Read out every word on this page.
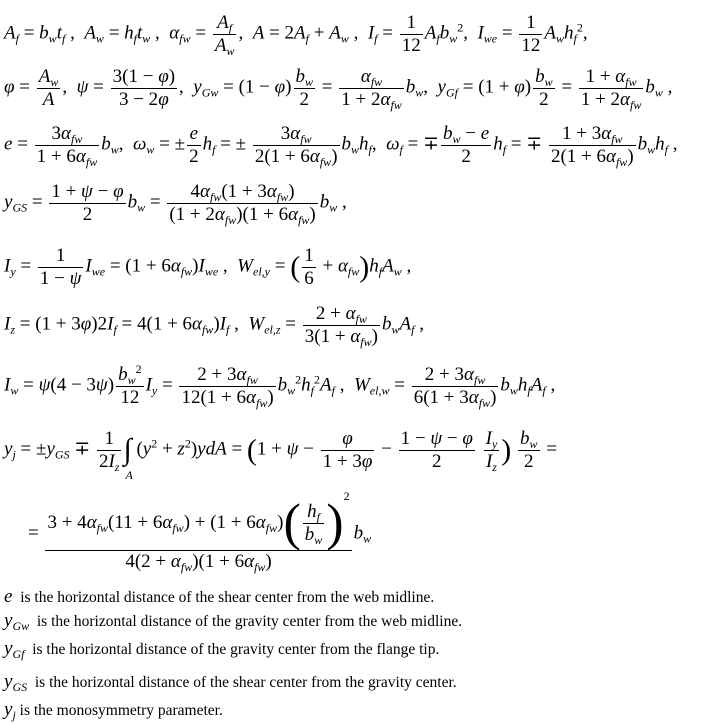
$A_f = b_wt_f$ ,  $A_w = h_ft_w$ ,  $\alpha_{fw} = \frac{A_f}{A_w}$ ,  $A = 2A_f + A_w$ ,  $I_f = \frac{1}{12} A_fb_w^2$,  $I_{we} = \frac{1}{12} A_wh_f^2$,
$\varphi = \frac{A_w}{A}$ ,  $\psi = \frac{3(1 - \varphi)}{3 - 2\varphi}$ ,  $y_{Gw} = (1 - \varphi) \frac{b_w}{2} = \frac{\alpha_{fw}}{1 + 2\alpha_{fw}} b_w$,  $y_{Gf} = (1 + \varphi) \frac{b_w}{2} = \frac{1 + \alpha_{fw}}{1 + 2\alpha_{fw}} b_w$ ,
$e = \frac{3\alpha_{fw}}{1 + 6\alpha_{fw}} b_w$,  $\omega_w$ = ± $\frac{e}{2} h_f$ = ± $\frac{3\alpha_{fw}}{2(1 + 6\alpha_{fw})} b_wh_f$,  $\omega_f$ = ∓ $\frac{b_w - e}{2} h_f$ = ∓ $\frac{1 + 3\alpha_{fw}}{2(1 + 6\alpha_{fw})} b_wh_f$ ,
$y_{GS} = \frac{1 + \psi - \varphi}{2} b_w = \frac{4\alpha_{fw}(1 + 3\alpha_{fw})}{(1 + 2\alpha_{fw})(1 + 6\alpha_{fw})} b_w$ ,
$I_y = \frac{1}{1 - \psi} I_{we} = (1 + 6\alpha_{fw})I_{we}$ ,  $W_{el,y}$ = ( $\frac{1}{6} + \alpha_{fw})h_fA_w$ ,
$I_z = (1 + 3\varphi)2I_f = 4(1 + 6\alpha_{fw})I_f$ ,  $W_{el,z} = \frac{2 + \alpha_{fw}}{3(1 + \alpha_{fw})} b_wA_f$ ,
$I_w = \psi(4 - 3\psi) \frac{b_w^2}{12} I_y = \frac{2 + 3\alpha_{fw}}{12(1 + 6\alpha_{fw})} b_w^2h_f^2A_f$ ,  $W_{el,w} = \frac{2 + 3\alpha_{fw}}{6(1 + 3\alpha_{fw})} b_wh_fA_f$ ,
$y_j = \pm y_{GS} \mp \frac{1}{2I_z}$ ∫
A
$(y^2 + z^2)ydA = (1 + \psi - \frac{\varphi}{1 + 3\varphi} - \frac{1 - \psi - \varphi}{2}$
$\frac{I_y}{I_z}$ ) $\frac{b_w}{2}$ =
= $\frac{3 + 4\alpha_{fw}(11 + 6\alpha_{fw}) + (1 + 6\alpha_{fw})( \frac{h_f}{b_w} )^2}{4(2 + \alpha_{fw})(1 + 6\alpha_{fw})} b_w$
e is the horizontal distance of the shear center from the web midline.
$y_{Gw}$ is the horizontal distance of the gravity center from the web midline.
$y_{Gf}$ is the horizontal distance of the gravity center from the flange tip.
$y_{GS}$ is the horizontal distance of the shear center from the gravity center.
$y_j$ is the monosymmetry parameter.
